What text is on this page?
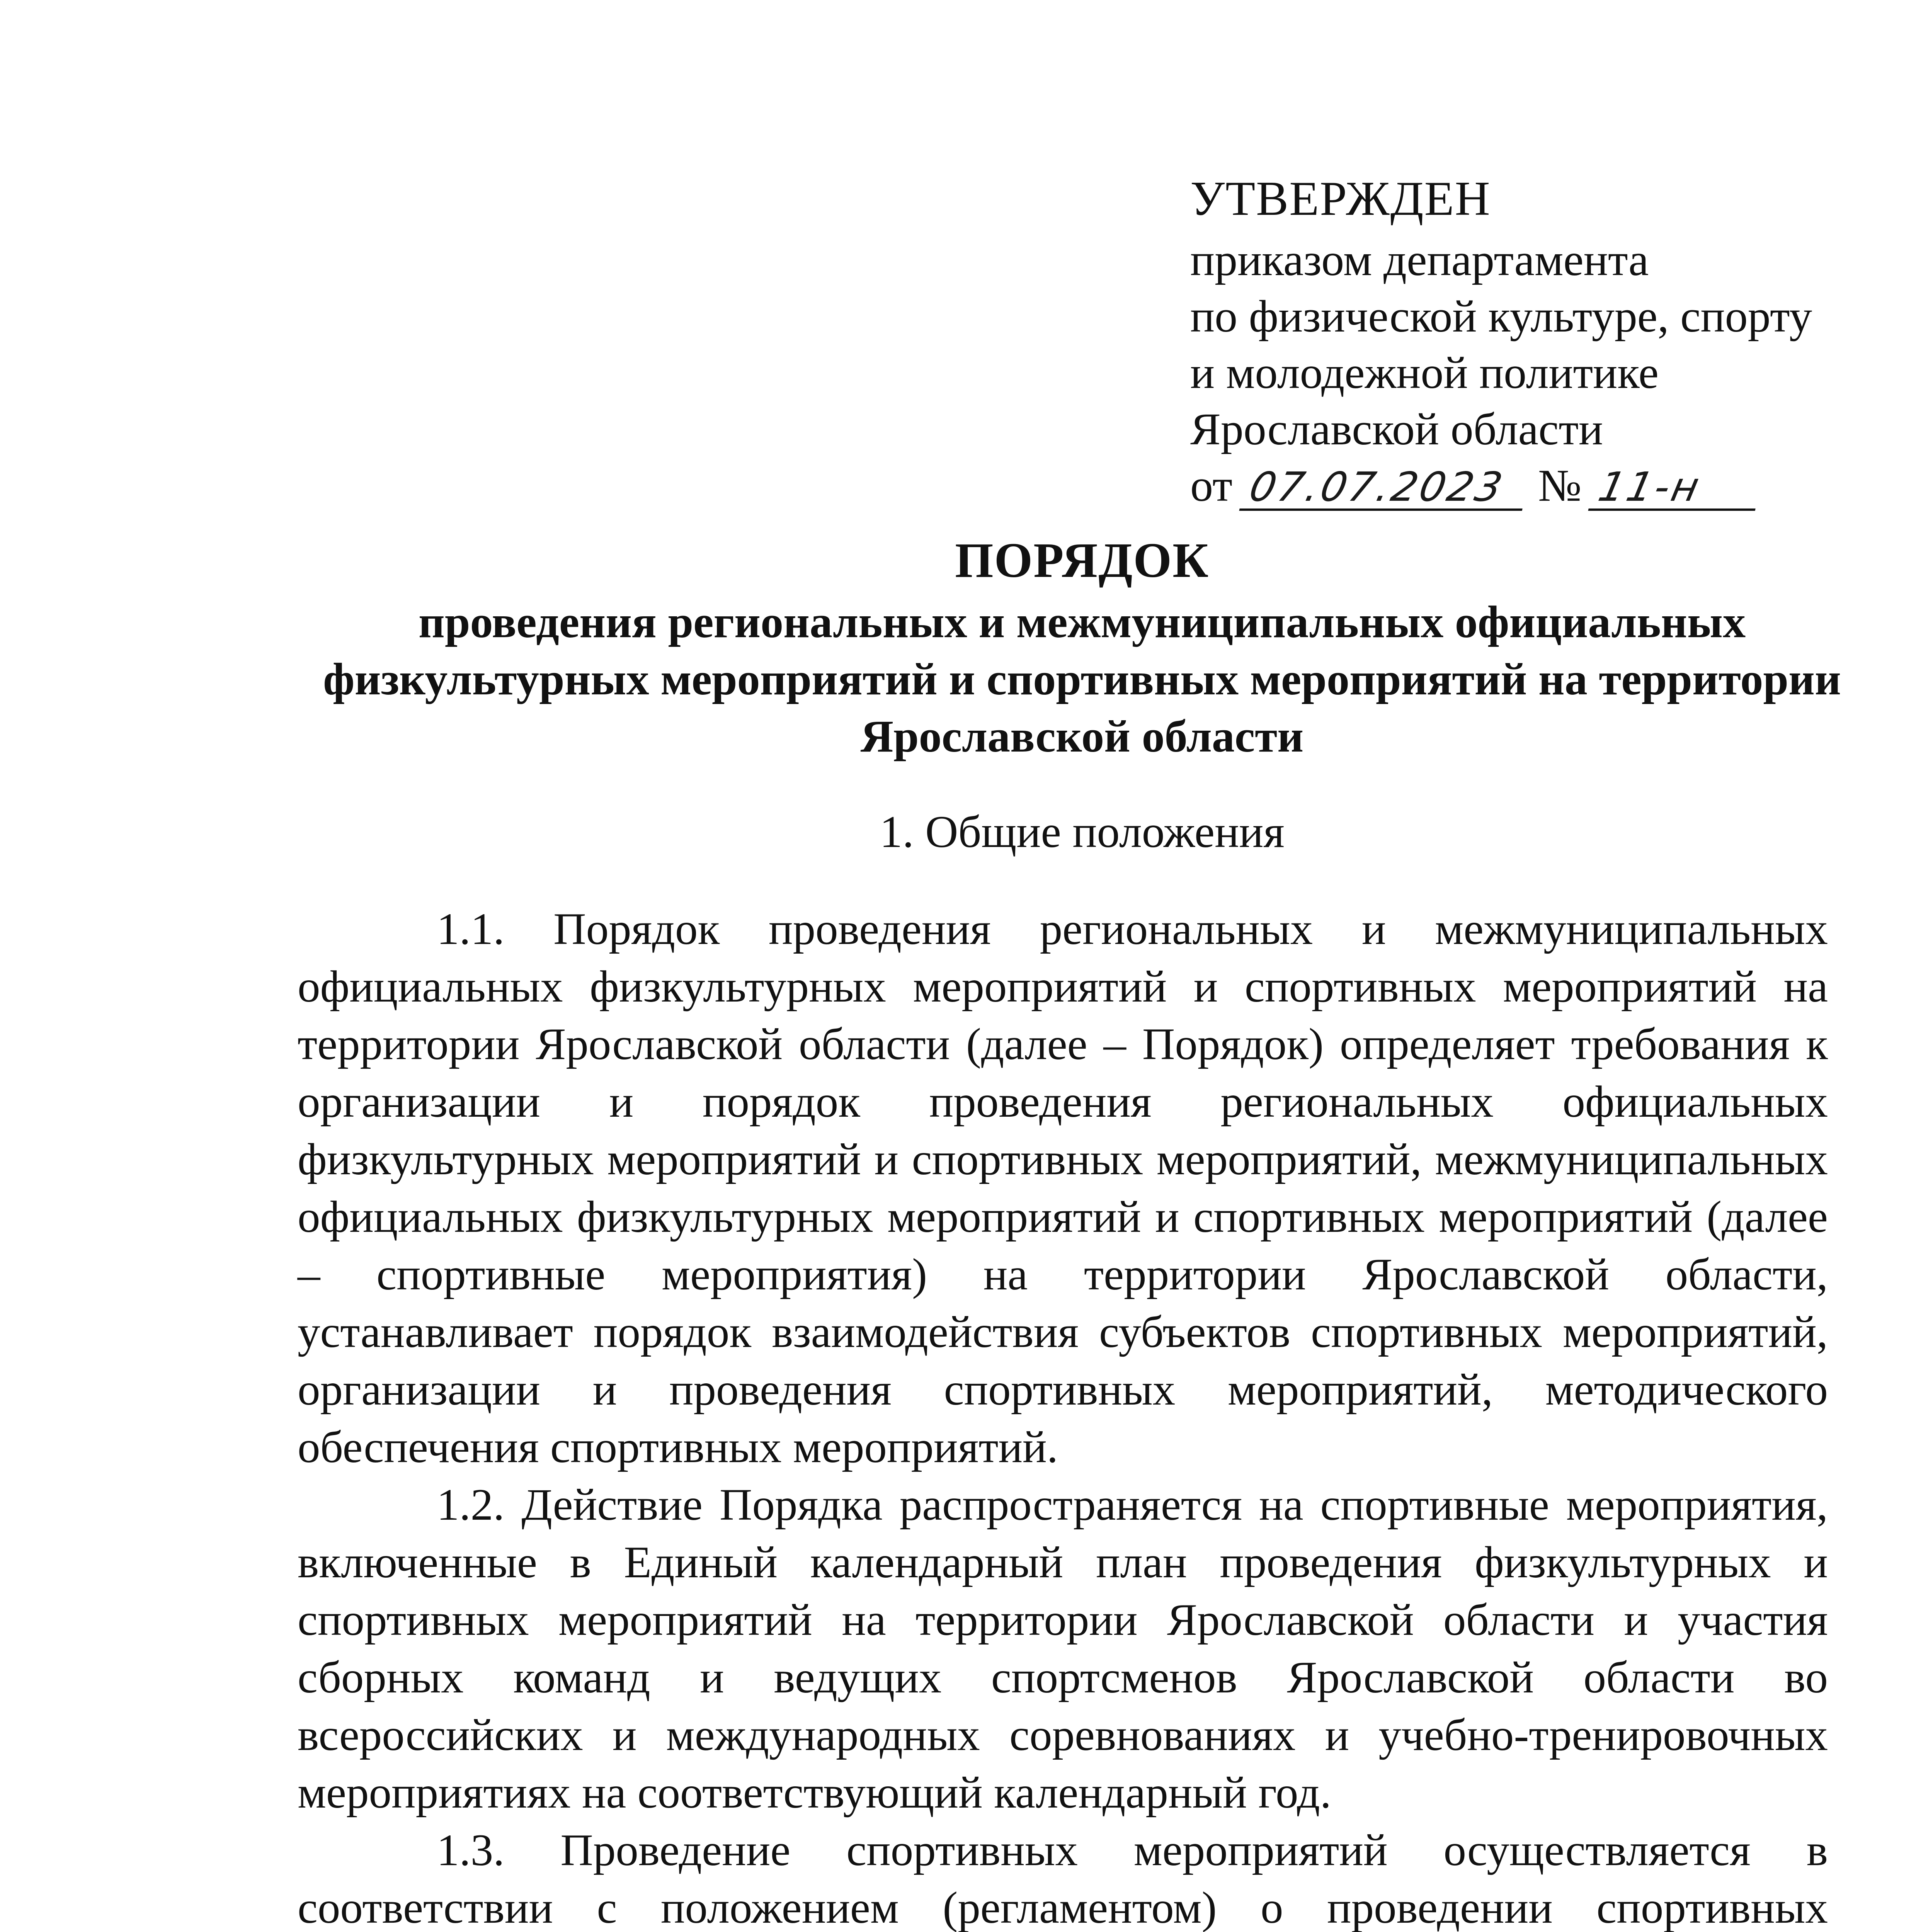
УТВЕРЖДЕН
приказом департамента
по физической культуре, спорту
и молодежной политике
Ярославской области
от 07.07.2023 № 11-н
ПОРЯДОК
проведения региональных и межмуниципальных официальных физкультурных мероприятий и спортивных мероприятий на территории Ярославской области
1. Общие положения

1.1. Порядок проведения региональных и межмуниципальных официальных физкультурных мероприятий и спортивных мероприятий на территории Ярославской области (далее – Порядок) определяет требования к организации и порядок проведения региональных официальных физкультурных мероприятий и спортивных мероприятий, межмуниципальных официальных физкультурных мероприятий и спортивных мероприятий (далее – спортивные мероприятия) на территории Ярославской области, устанавливает порядок взаимодействия субъектов спортивных мероприятий, организации и проведения спортивных мероприятий, методического обеспечения спортивных мероприятий.

1.2. Действие Порядка распространяется на спортивные мероприятия, включенные в Единый календарный план проведения физкультурных и спортивных мероприятий на территории Ярославской области и участия сборных команд и ведущих спортсменов Ярославской области во всероссийских и международных соревнованиях и учебно-тренировочных мероприятиях на соответствующий календарный год.

1.3. Проведение спортивных мероприятий осуществляется в соответствии с положением (регламентом) о проведении спортивных
